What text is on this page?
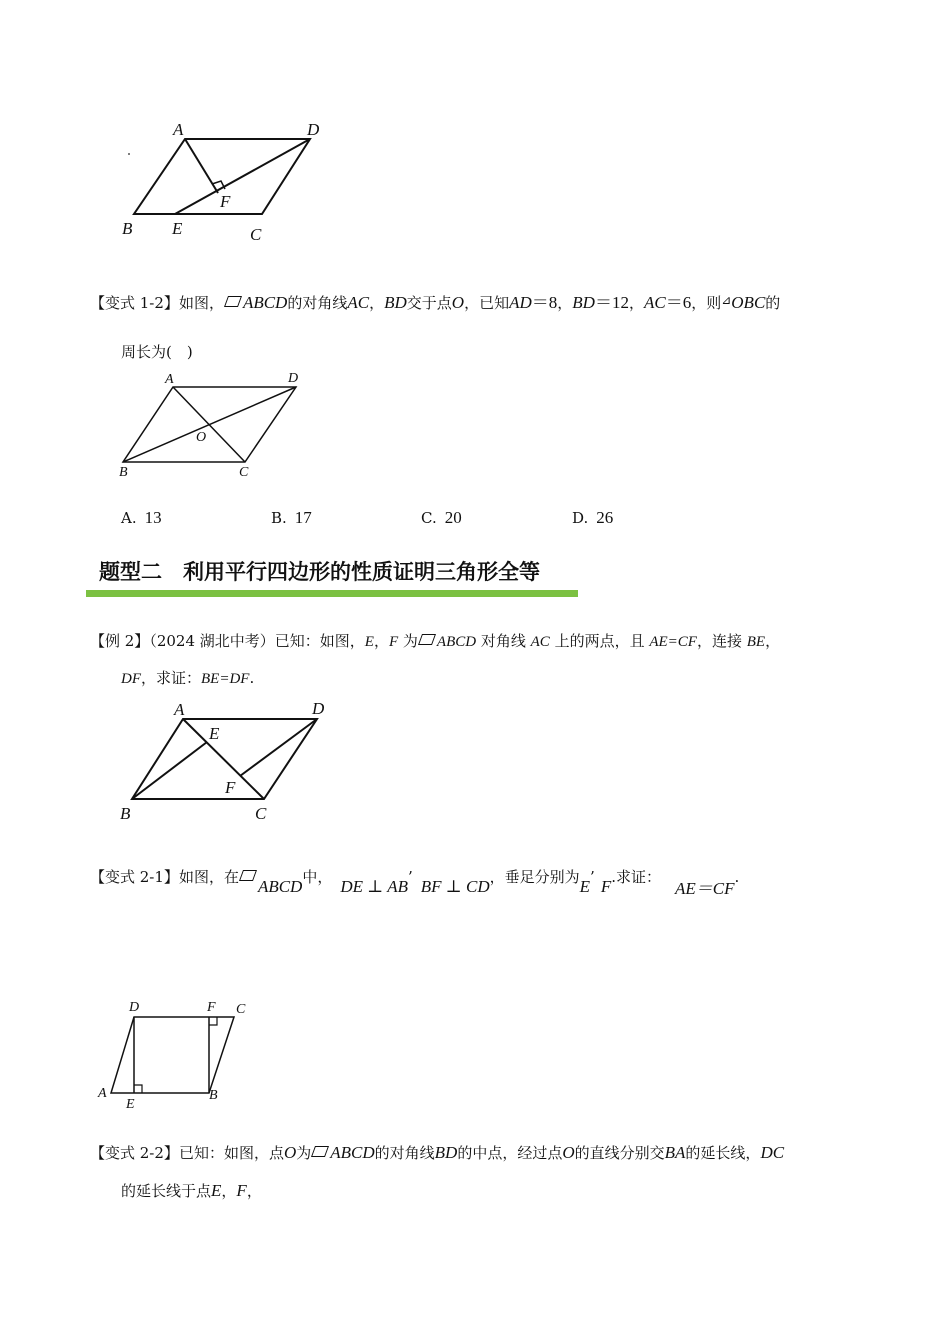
A	D
F
B E	C
【变式 1-2】如图， ABCD的对角线AC，BD交于点O，已知AD＝8，BD＝12，AC＝6，则⊿OBC的
周长为(　)
A	D
O
B	C
A. 13	B. 17	C. 20	D. 26
题型二　利用平行四边形的性质证明三角形全等
【例 2】（2024 湖北中考）已知：如图，E，F 为 ABCD 对角线 AC 上的两点，且 AE=CF，连接 BE，
DF，求证：BE=DF.
A	D
E
F
B	C
【变式 2-1】如图，在 ABCD中， DE ⊥ AB’ BF ⊥ CD，垂足分别为E’ F.求证：AE＝CF.
D	F C
A
E
B
【变式 2-2】已知：如图，点O为 ABCD的对角线BD的中点，经过点O的直线分别交BA的延长线，DC
的延长线于点E，F，
